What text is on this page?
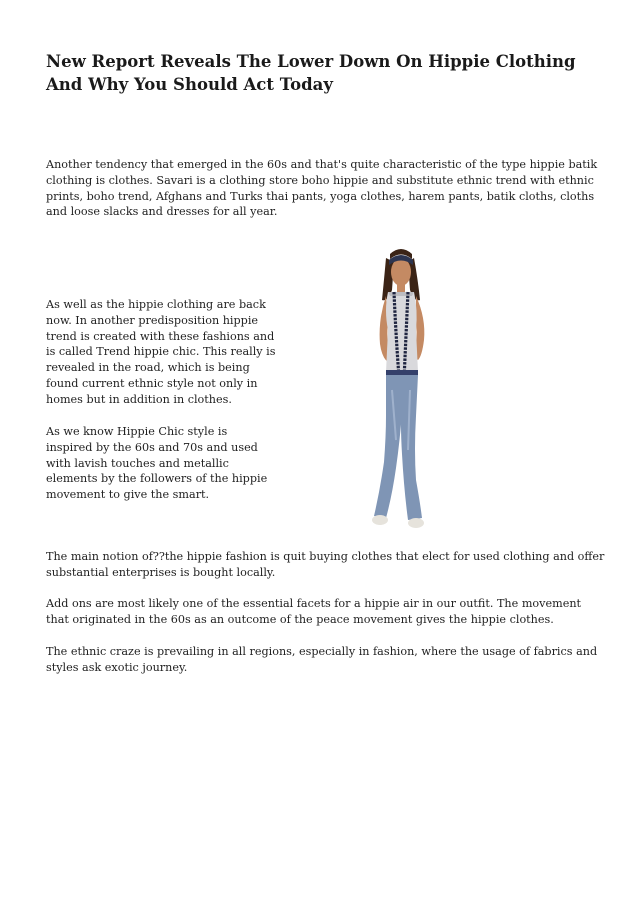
New Report Reveals The Lower Down On Hippie Clothing And Why You Should Act Today

Another tendency that emerged in the 60s and that's quite characteristic of the type hippie batik clothing is clothes. Savari is a clothing store boho hippie and substitute ethnic trend with ethnic prints, boho trend, Afghans and Turks thai pants, yoga clothes, harem pants, batik cloths, cloths and loose slacks and dresses for all year.

As well as the hippie clothing are back now. In another predisposition hippie trend is created with these fashions and is called Trend hippie chic. This really is revealed in the road, which is being found current ethnic style not only in homes but in addition in clothes.

As we know Hippie Chic style is inspired by the 60s and 70s and used with lavish touches and metallic elements by the followers of the hippie movement to give the smart.

The main notion of??the hippie fashion is quit buying clothes that elect for used clothing and offer substantial enterprises is bought locally.

Add ons are most likely one of the essential facets for a hippie air in our outfit. The movement that originated in the 60s as an outcome of the peace movement gives the hippie clothes.

The ethnic craze is prevailing in all regions, especially in fashion, where the usage of fabrics and styles ask exotic journey.
